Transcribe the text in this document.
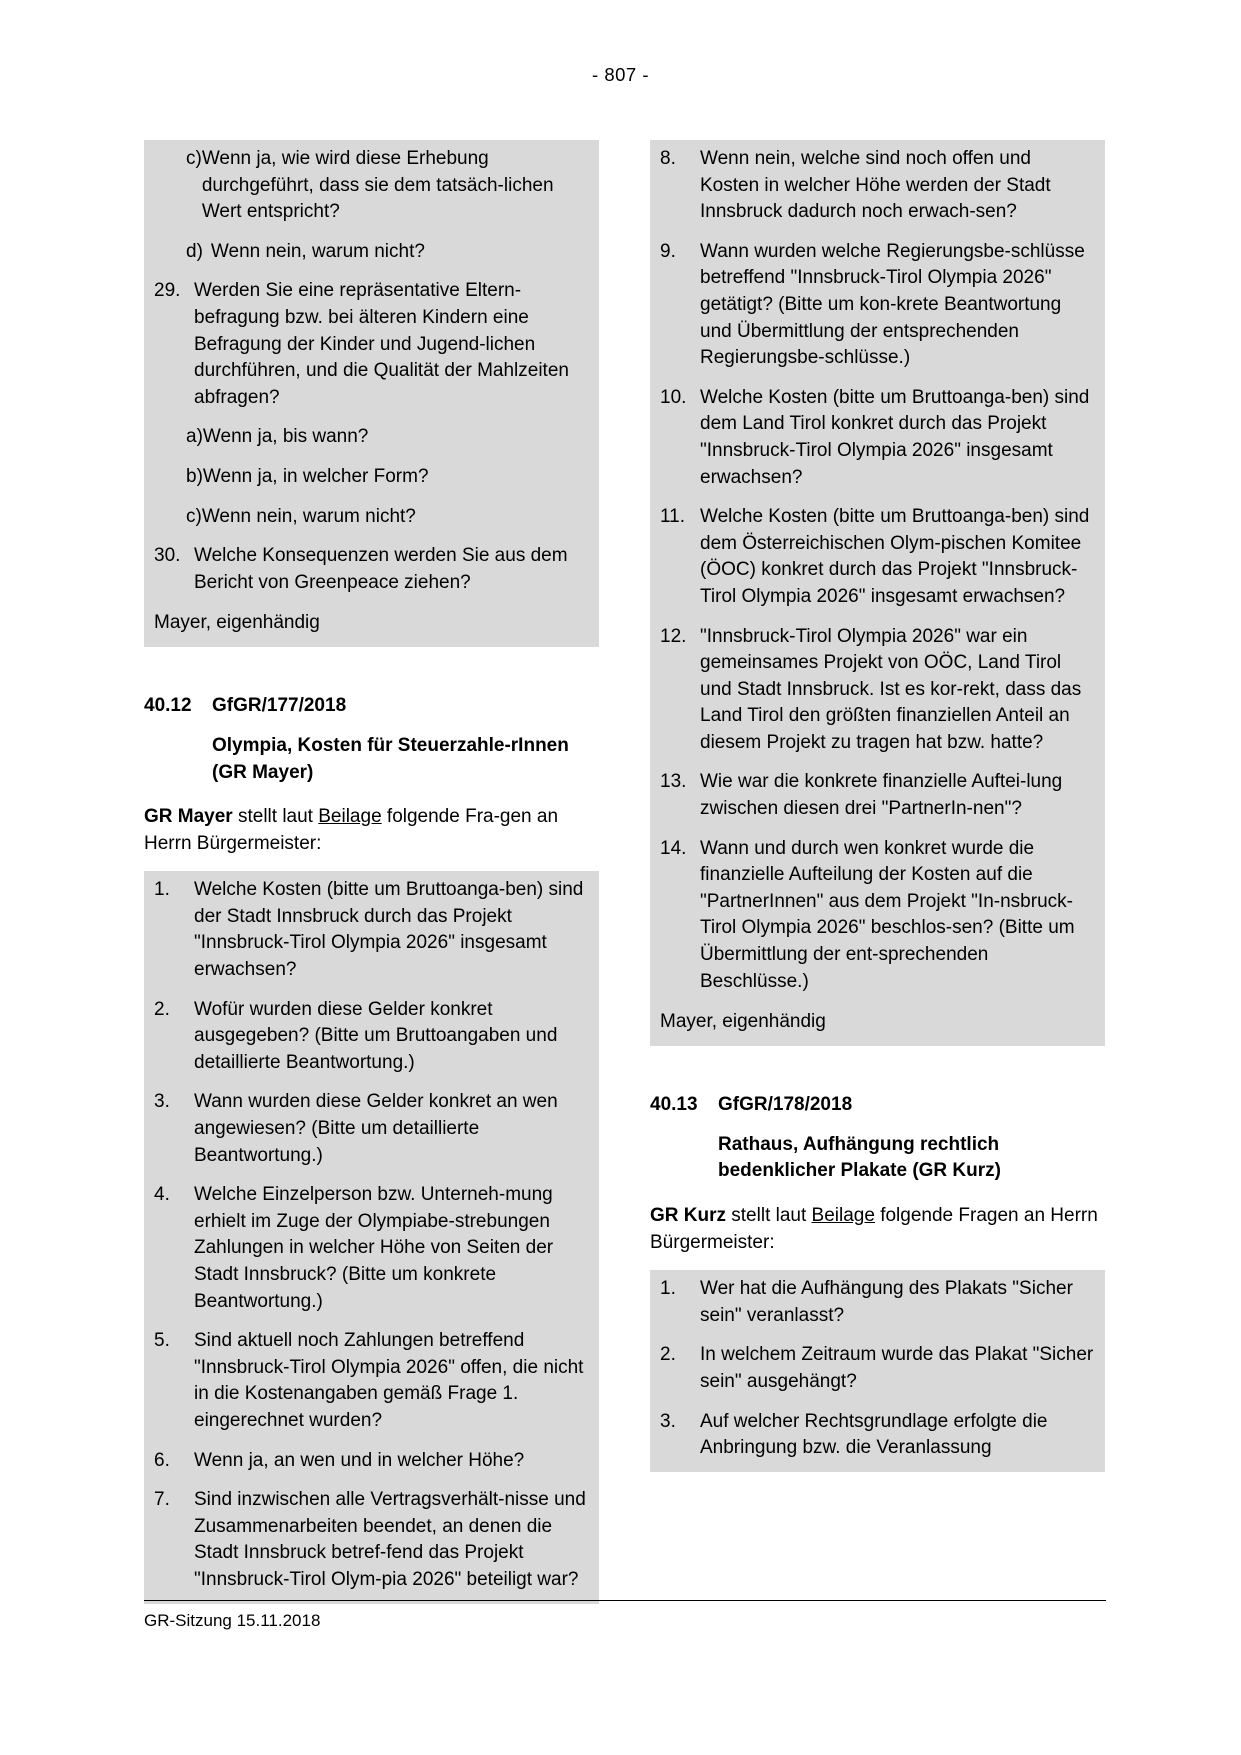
- 807 -
c) Wenn ja, wie wird diese Erhebung durchgeführt, dass sie dem tatsäch-lichen Wert entspricht?
d) Wenn nein, warum nicht?
29. Werden Sie eine repräsentative Eltern-befragung bzw. bei älteren Kindern eine Befragung der Kinder und Jugend-lichen durchführen, und die Qualität der Mahlzeiten abfragen?
a) Wenn ja, bis wann?
b) Wenn ja, in welcher Form?
c) Wenn nein, warum nicht?
30. Welche Konsequenzen werden Sie aus dem Bericht von Greenpeace ziehen?
Mayer, eigenhändig
40.12	GfGR/177/2018
Olympia, Kosten für Steuerzahle-rInnen (GR Mayer)

GR Mayer stellt laut Beilage folgende Fra-gen an Herrn Bürgermeister:

1.	Welche Kosten (bitte um Bruttoanga-ben) sind der Stadt Innsbruck durch das Projekt "Innsbruck-Tirol Olympia 2026" insgesamt erwachsen?
2.	Wofür wurden diese Gelder konkret ausgegeben? (Bitte um Bruttoangaben und detaillierte Beantwortung.)
3.	Wann wurden diese Gelder konkret an wen angewiesen? (Bitte um detaillierte Beantwortung.)
4.	Welche Einzelperson bzw. Unterneh-mung erhielt im Zuge der Olympiabe-strebungen Zahlungen in welcher Höhe von Seiten der Stadt Innsbruck? (Bitte um konkrete Beantwortung.)
5.	Sind aktuell noch Zahlungen betreffend "Innsbruck-Tirol Olympia 2026" offen, die nicht in die Kostenangaben gemäß Frage 1. eingerechnet wurden?
6.	Wenn ja, an wen und in welcher Höhe?
7.	Sind inzwischen alle Vertragsverhält-nisse und Zusammenarbeiten beendet, an denen die Stadt Innsbruck betref-fend das Projekt "Innsbruck-Tirol Olym-pia 2026" beteiligt war?
8.	Wenn nein, welche sind noch offen und Kosten in welcher Höhe werden der Stadt Innsbruck dadurch noch erwach-sen?
9.	Wann wurden welche Regierungsbe-schlüsse betreffend "Innsbruck-Tirol Olympia 2026" getätigt? (Bitte um kon-krete Beantwortung und Übermittlung der entsprechenden Regierungsbe-schlüsse.)
10. Welche Kosten (bitte um Bruttoanga-ben) sind dem Land Tirol konkret durch das Projekt "Innsbruck-Tirol Olympia 2026" insgesamt erwachsen?
11. Welche Kosten (bitte um Bruttoanga-ben) sind dem Österreichischen Olym-pischen Komitee (ÖOC) konkret durch das Projekt "Innsbruck-Tirol Olympia 2026" insgesamt erwachsen?
12. "Innsbruck-Tirol Olympia 2026" war ein gemeinsames Projekt von OÖC, Land Tirol und Stadt Innsbruck. Ist es kor-rekt, dass das Land Tirol den größten finanziellen Anteil an diesem Projekt zu tragen hat bzw. hatte?
13. Wie war die konkrete finanzielle Auftei-lung zwischen diesen drei "PartnerIn-nen"?
14. Wann und durch wen konkret wurde die finanzielle Aufteilung der Kosten auf die "PartnerInnen" aus dem Projekt "In-nsbruck-Tirol Olympia 2026" beschlos-sen? (Bitte um Übermittlung der ent-sprechenden Beschlüsse.)
Mayer, eigenhändig
40.13	GfGR/178/2018
Rathaus, Aufhängung rechtlich bedenklicher Plakate (GR Kurz)

GR Kurz stellt laut Beilage folgende Fragen an Herrn Bürgermeister:

1.	Wer hat die Aufhängung des Plakats "Sicher sein" veranlasst?
2.	In welchem Zeitraum wurde das Plakat "Sicher sein" ausgehängt?
3.	Auf welcher Rechtsgrundlage erfolgte die Anbringung bzw. die Veranlassung
GR-Sitzung 15.11.2018
